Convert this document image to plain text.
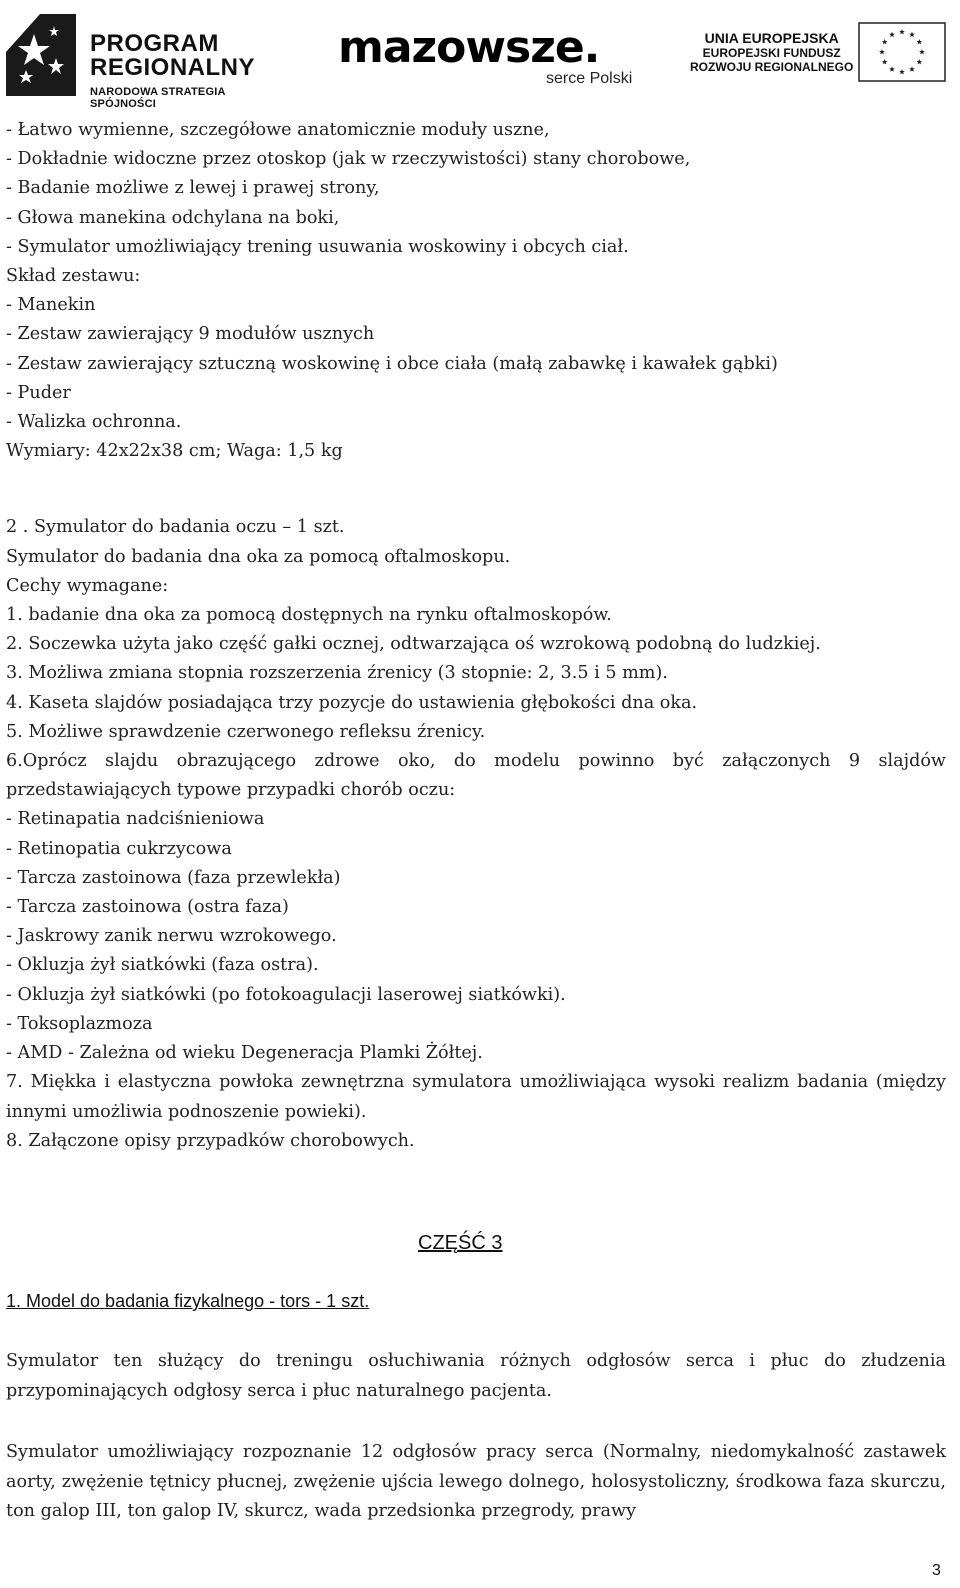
PROGRAM
REGIONALNY
NARODOWA STRATEGIA SPÓJNOŚCI
mazowsze.
serce Polski
UNIA EUROPEJSKA
EUROPEJSKI FUNDUSZ
ROZWOJU REGIONALNEGO
- Łatwo wymienne, szczegółowe anatomicznie moduły uszne,
- Dokładnie widoczne przez otoskop (jak w rzeczywistości) stany chorobowe,
- Badanie możliwe z lewej i prawej strony,
- Głowa manekina odchylana na boki,
- Symulator umożliwiający trening usuwania woskowiny i obcych ciał.
Skład zestawu:
- Manekin
- Zestaw zawierający 9 modułów usznych
- Zestaw zawierający sztuczną woskowinę i obce ciała (małą zabawkę i kawałek gąbki)
- Puder
- Walizka ochronna.
Wymiary: 42x22x38 cm; Waga: 1,5 kg
2 . Symulator do badania oczu – 1 szt.
Symulator do badania dna oka za pomocą oftalmoskopu.
Cechy wymagane:
1. badanie dna oka za pomocą dostępnych na rynku oftalmoskopów.
2. Soczewka użyta jako część gałki ocznej, odtwarzająca oś wzrokową podobną do ludzkiej.
3. Możliwa zmiana stopnia rozszerzenia źrenicy (3 stopnie: 2, 3.5 i 5 mm).
4. Kaseta slajdów posiadająca trzy pozycje do ustawienia głębokości dna oka.
5. Możliwe sprawdzenie czerwonego refleksu źrenicy.
6.Oprócz slajdu obrazującego zdrowe oko, do modelu powinno być załączonych 9 slajdów przedstawiających typowe przypadki chorób oczu:
- Retinapatia nadciśnieniowa
- Retinopatia cukrzycowa
- Tarcza zastoinowa (faza przewlekła)
- Tarcza zastoinowa (ostra faza)
- Jaskrowy zanik nerwu wzrokowego.
- Okluzja żył siatkówki (faza ostra).
- Okluzja żył siatkówki (po fotokoagulacji laserowej siatkówki).
- Toksoplazmoza
- AMD - Zależna od wieku Degeneracja Plamki Żółtej.
7. Miękka i elastyczna powłoka zewnętrzna symulatora umożliwiająca wysoki realizm badania (między innymi umożliwia podnoszenie powieki).
8. Załączone opisy przypadków chorobowych.
CZĘŚĆ 3
1. Model do badania fizykalnego - tors - 1 szt.
Symulator ten służący do treningu osłuchiwania różnych odgłosów serca i płuc do złudzenia przypominających odgłosy serca i płuc naturalnego pacjenta.
Symulator umożliwiający rozpoznanie 12 odgłosów pracy serca (Normalny, niedomykalność zastawek aorty, zwężenie tętnicy płucnej, zwężenie ujścia lewego dolnego, holosystoliczny, środkowa faza skurczu, ton galop III, ton galop IV, skurcz, wada przedsionka przegrody, prawy
3
